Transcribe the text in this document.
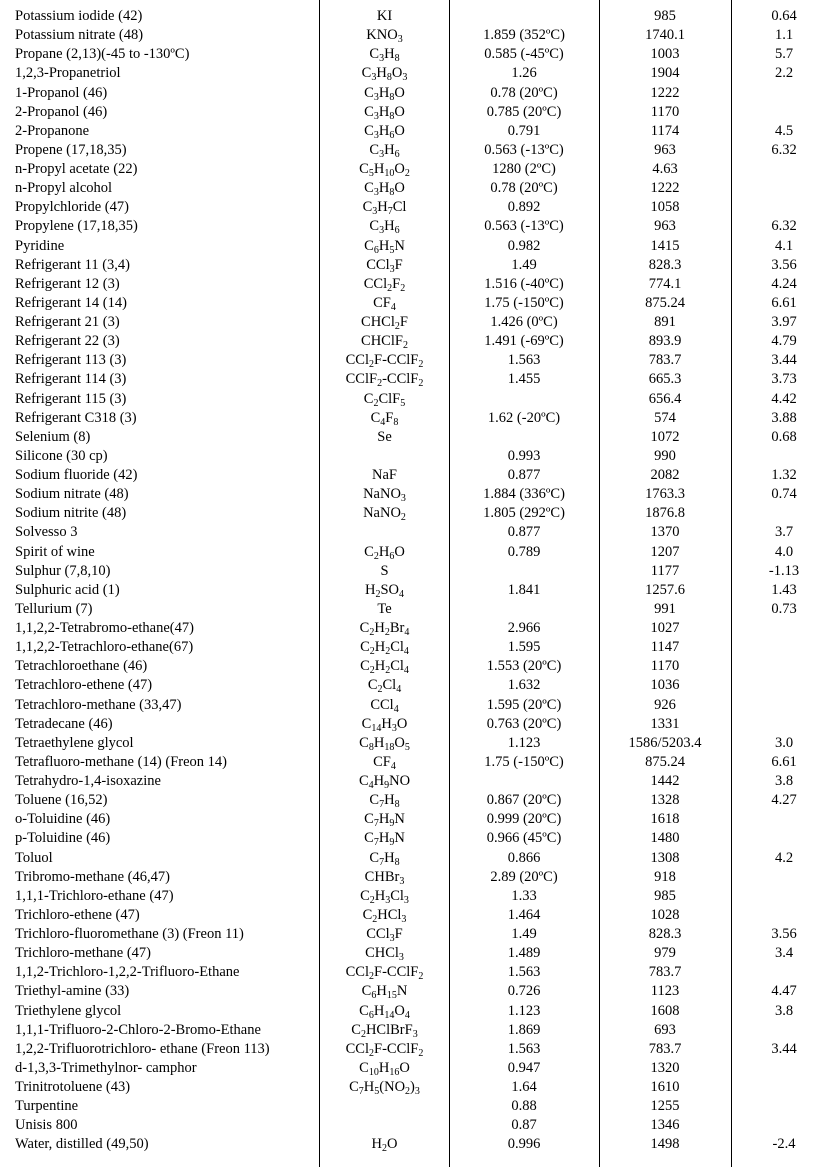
Potassium iodide (42)	KI		985	0.64
Potassium nitrate (48)	$KNO_3$	1.859 (352ºC)	1740.1	1.1
Propane (2,13)(-45 to -130ºC)	$C_3H_8$	0.585 (-45ºC)	1003	5.7
1,2,3-Propanetriol	$C_3H_8O_3$	1.26	1904	2.2
1-Propanol (46)	$C_3H_8O$	0.78 (20ºC)	1222	
2-Propanol (46)	$C_3H_8O$	0.785 (20ºC)	1170	
2-Propanone	$C_3H_6O$	0.791	1174	4.5
Propene (17,18,35)	$C_3H_6$	0.563 (-13ºC)	963	6.32
n-Propyl acetate (22)	$C_5H_{10}O_2$	1280 (2ºC)	4.63	
n-Propyl alcohol	$C_3H_8O$	0.78 (20ºC)	1222	
Propylchloride (47)	$C_3H_7Cl$	0.892	1058	
Propylene (17,18,35)	$C_3H_6$	0.563 (-13ºC)	963	6.32
Pyridine	$C_6H_5N$	0.982	1415	4.1
Refrigerant 11 (3,4)	CCl$_3$F	1.49	828.3	3.56
Refrigerant 12 (3)	$CCl_2F_2$	1.516 (-40ºC)	774.1	4.24
Refrigerant 14 (14)	$CF_4$	1.75 (-150ºC)	875.24	6.61
Refrigerant 21 (3)	CHCl$_2$F	1.426 (0ºC)	891	3.97
Refrigerant 22 (3)	CHClF$_2$	1.491 (-69ºC)	893.9	4.79
Refrigerant 113 (3)	CCl$_2$F-CClF$_2$	1.563	783.7	3.44
Refrigerant 114 (3)	CClF$_2$-CClF$_2$	1.455	665.3	3.73
Refrigerant 115 (3)	$C_2ClF_5$		656.4	4.42
Refrigerant C318 (3)	$C_4F_8$	1.62 (-20ºC)	574	3.88
Selenium (8)	Se		1072	0.68
Silicone (30 cp)		0.993	990	
Sodium fluoride (42)	NaF	0.877	2082	1.32
Sodium nitrate (48)	NaNO$_3$	1.884 (336ºC)	1763.3	0.74
Sodium nitrite (48)	NaNO$_2$	1.805 (292ºC)	1876.8	
Solvesso 3		0.877	1370	3.7
Spirit of wine	$C_2H_6O$	0.789	1207	4.0
Sulphur (7,8,10)	S		1177	-1.13
Sulphuric acid (1)	$H_2SO_4$	1.841	1257.6	1.43
Tellurium (7)	Te		991	0.73
1,1,2,2-Tetrabromo-ethane(47)	$C_2H_2Br_4$	2.966	1027	
1,1,2,2-Tetrachloro-ethane(67)	$C_2H_2Cl_4$	1.595	1147	
Tetrachloroethane (46)	$C_2H_2Cl_4$	1.553 (20ºC)	1170	
Tetrachloro-ethene (47)	$C_2Cl_4$	1.632	1036	
Tetrachloro-methane (33,47)	CCl$_4$	1.595 (20ºC)	926	
Tetradecane (46)	$C_{14}H_3O$	0.763 (20ºC)	1331	
Tetraethylene glycol	$C_8H_{18}O_5$	1.123	1586/5203.4	3.0
Tetrafluoro-methane (14) (Freon 14)	$CF_4$	1.75 (-150ºC)	875.24	6.61
Tetrahydro-1,4-isoxazine	$C_4H_9NO$		1442	3.8
Toluene (16,52)	$C_7H_8$	0.867 (20ºC)	1328	4.27
o-Toluidine (46)	$C_7H_9N$	0.999 (20ºC)	1618	
p-Toluidine (46)	$C_7H_9N$	0.966 (45ºC)	1480	
Toluol	$C_7H_8$	0.866	1308	4.2
Tribromo-methane (46,47)	CHBr$_3$	2.89 (20ºC)	918	
1,1,1-Trichloro-ethane (47)	$C_2H_3Cl_3$	1.33	985	
Trichloro-ethene (47)	$C_2HCl_3$	1.464	1028	
Trichloro-fluoromethane (3) (Freon 11)	CCl$_3$F	1.49	828.3	3.56
Trichloro-methane (47)	CHCl$_3$	1.489	979	3.4
1,1,2-Trichloro-1,2,2-Trifluoro-Ethane	CCl$_2$F-CClF$_2$	1.563	783.7	
Triethyl-amine (33)	$C_6H_{15}N$	0.726	1123	4.47
Triethylene glycol	$C_6H_{14}O_4$	1.123	1608	3.8
1,1,1-Trifluoro-2-Chloro-2-Bromo-Ethane	$C_2HClBrF_3$	1.869	693	
1,2,2-Trifluorotrichloro- ethane (Freon 113)	CCl$_2$F-CClF$_2$	1.563	783.7	3.44
d-1,3,3-Trimethylnor- camphor	$C_{10}H_{16}O$	0.947	1320	
Trinitrotoluene (43)	$C_7H_5(NO_2)_3$	1.64	1610	
Turpentine		0.88	1255	
Unisis 800		0.87	1346	
Water, distilled (49,50)	$H_2O$	0.996	1498	-2.4
